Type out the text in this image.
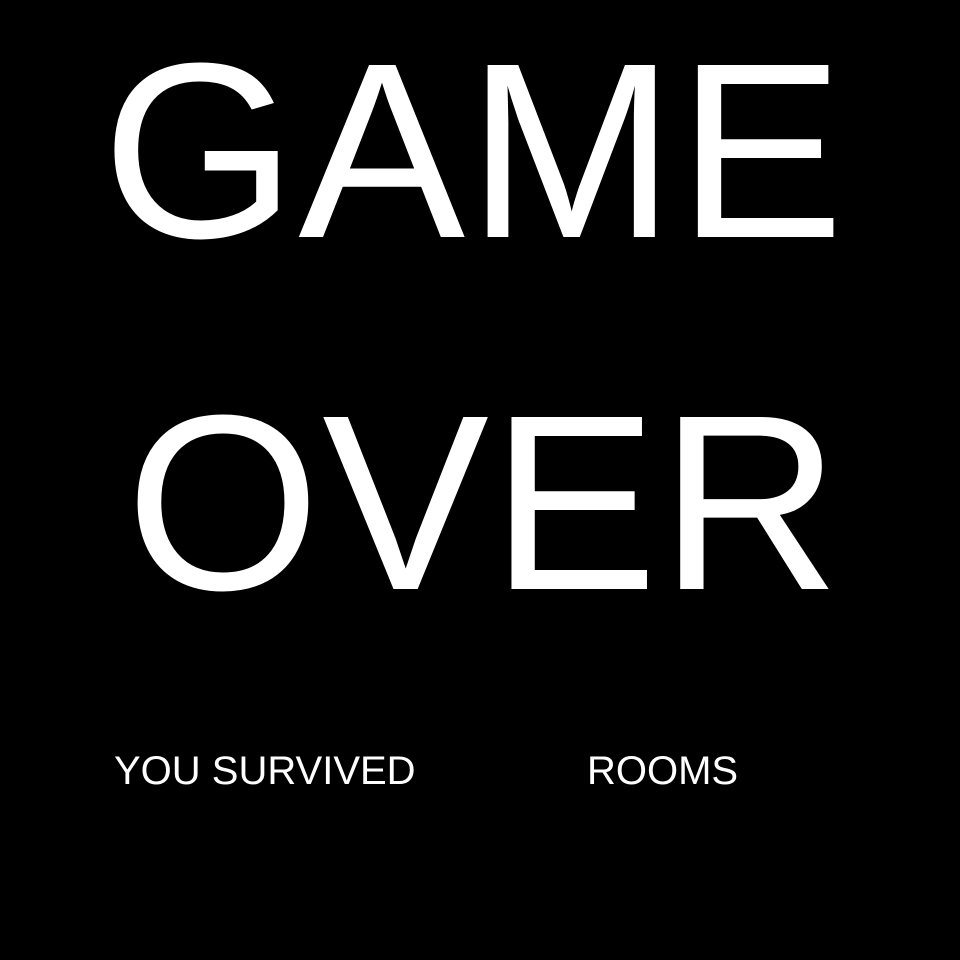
GAME
OVER
YOU SURVIVED	ROOMS
